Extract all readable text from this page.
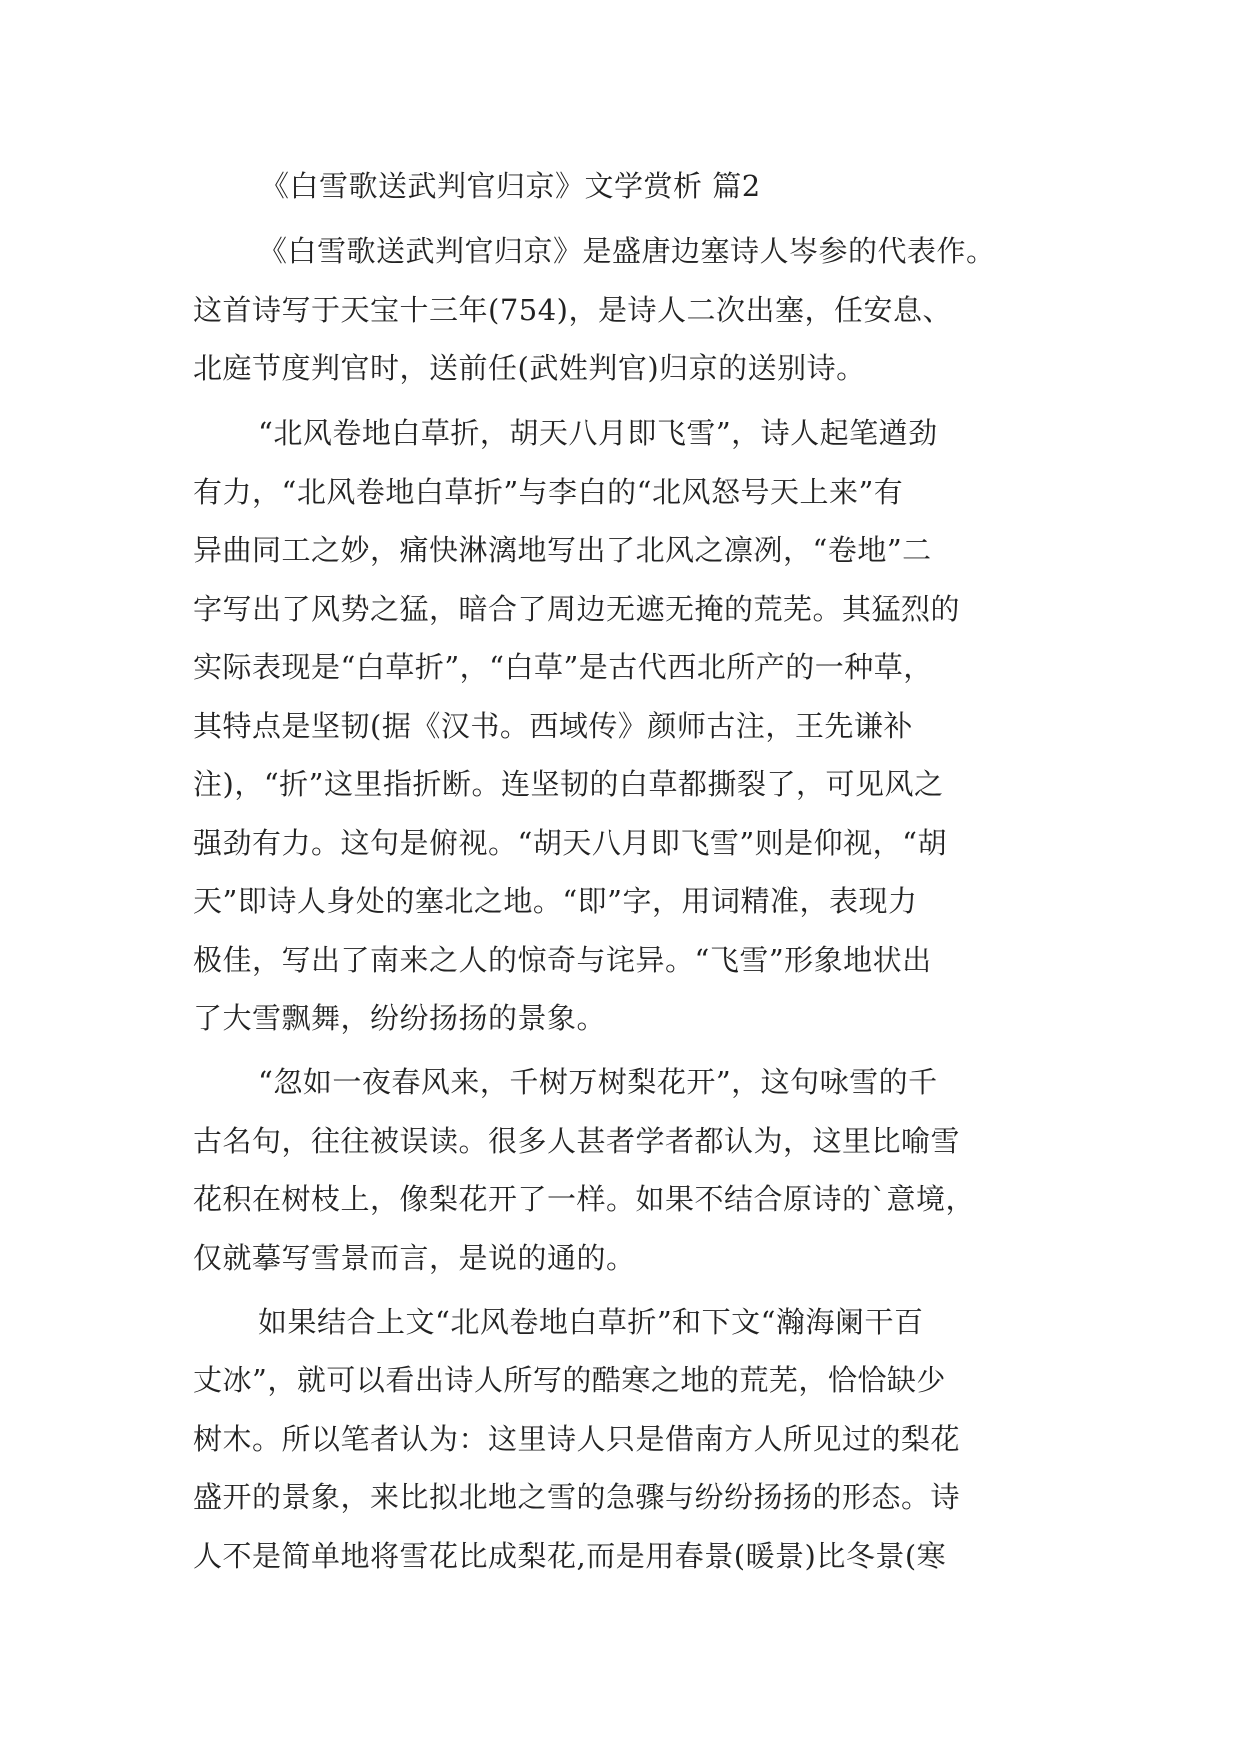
《白雪歌送武判官归京》文学赏析 篇2
《白雪歌送武判官归京》是盛唐边塞诗人岑参的代表作。
这首诗写于天宝十三年(754)，是诗人二次出塞，任安息、
北庭节度判官时，送前任(武姓判官)归京的送别诗。
“北风卷地白草折，胡天八月即飞雪”，诗人起笔遒劲
有力，“北风卷地白草折”与李白的“北风怒号天上来”有
异曲同工之妙，痛快淋漓地写出了北风之凛冽，“卷地”二
字写出了风势之猛，暗合了周边无遮无掩的荒芜。其猛烈的
实际表现是“白草折”，“白草”是古代西北所产的一种草，
其特点是坚韧(据《汉书。西域传》颜师古注，王先谦补
注)，“折”这里指折断。连坚韧的白草都撕裂了，可见风之
强劲有力。这句是俯视。“胡天八月即飞雪”则是仰视，“胡
天”即诗人身处的塞北之地。“即”字，用词精准，表现力
极佳，写出了南来之人的惊奇与诧异。“飞雪”形象地状出
了大雪飘舞，纷纷扬扬的景象。
“忽如一夜春风来，千树万树梨花开”，这句咏雪的千
古名句，往往被误读。很多人甚者学者都认为，这里比喻雪
花积在树枝上，像梨花开了一样。如果不结合原诗的`意境，
仅就摹写雪景而言，是说的通的。
如果结合上文“北风卷地白草折”和下文“瀚海阑干百
丈冰”，就可以看出诗人所写的酷寒之地的荒芜，恰恰缺少
树木。所以笔者认为：这里诗人只是借南方人所见过的梨花
盛开的景象，来比拟北地之雪的急骤与纷纷扬扬的形态。诗
人不是简单地将雪花比成梨花,而是用春景(暖景)比冬景(寒
